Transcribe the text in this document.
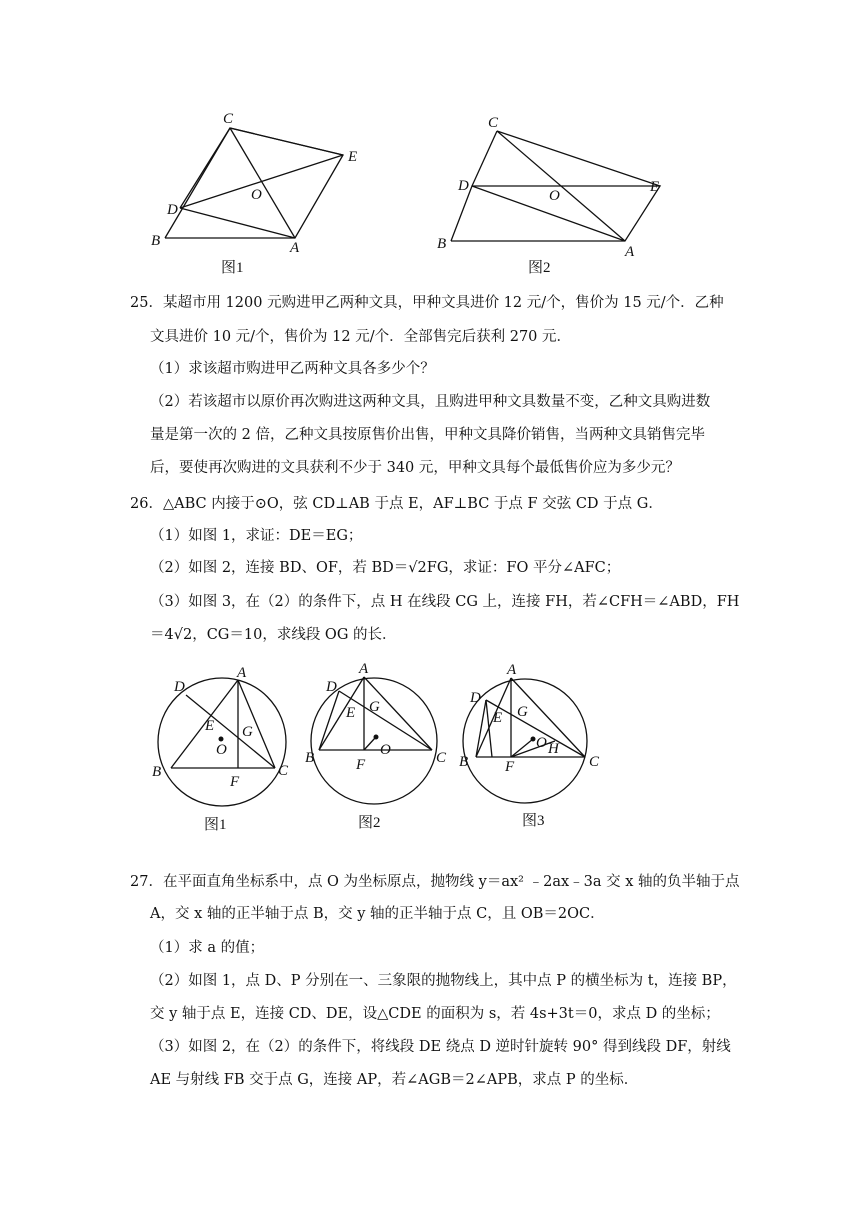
C
E
O
D
B	A
图1
C
D
O
E
B	A
图2
25．某超市用 1200 元购进甲乙两种文具，甲种文具进价 12 元/个，售价为 15 元/个．乙种
文具进价 10 元/个，售价为 12 元/个．全部售完后获利 270 元．
（1）求该超市购进甲乙两种文具各多少个？
（2）若该超市以原价再次购进这两种文具，且购进甲种文具数量不变，乙种文具购进数
量是第一次的 2 倍，乙种文具按原售价出售，甲种文具降价销售，当两种文具销售完毕
后，要使再次购进的文具获利不少于 340 元，甲种文具每个最低售价应为多少元？
26．△ABC 内接于⊙O，弦 CD⊥AB 于点 E，AF⊥BC 于点 F 交弦 CD 于点 G．
（1）如图 1，求证：DE＝EG；
（2）如图 2，连接 BD、OF，若 BD＝√2FG，求证：FO 平分∠AFC；
（3）如图 3，在（2）的条件下，点 H 在线段 CG 上，连接 FH，若∠CFH＝∠ABD，FH
＝4√2，CG＝10，求线段 OG 的长．
D
A
E G
O
B
F
C
图1
A
D
E G
O
B	F	C
图2
A
D
E G
O H
B F	C
图3
27．在平面直角坐标系中，点 O 为坐标原点，抛物线 y＝ax² ﹣2ax﹣3a 交 x 轴的负半轴于点
A，交 x 轴的正半轴于点 B，交 y 轴的正半轴于点 C，且 OB＝2OC．
（1）求 a 的值；
（2）如图 1，点 D、P 分别在一、三象限的抛物线上，其中点 P 的横坐标为 t，连接 BP，
交 y 轴于点 E，连接 CD、DE，设△CDE 的面积为 s，若 4s+3t＝0，求点 D 的坐标；
（3）如图 2，在（2）的条件下，将线段 DE 绕点 D 逆时针旋转 90° 得到线段 DF，射线
AE 与射线 FB 交于点 G，连接 AP，若∠AGB＝2∠APB，求点 P 的坐标．
